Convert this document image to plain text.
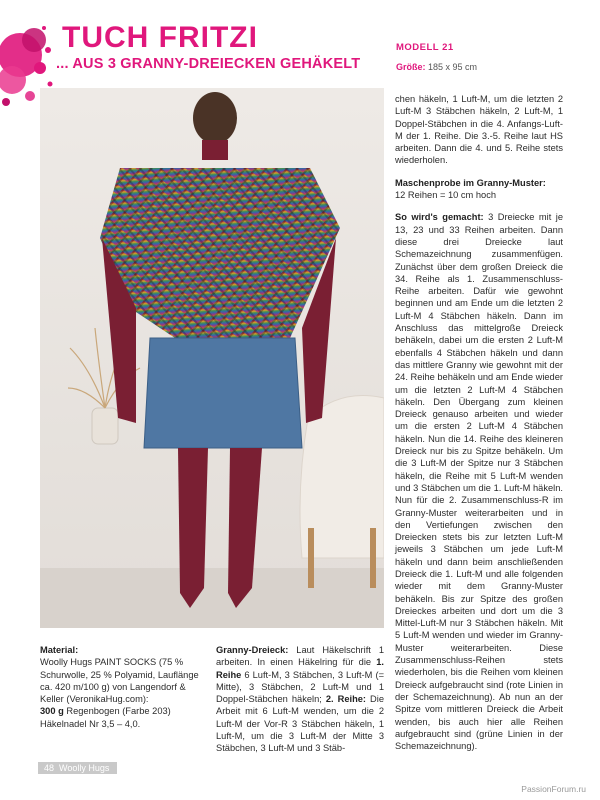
TUCH FRITZI
... AUS 3 GRANNY-DREIECKEN GEHÄKELT
MODELL 21
Größe: 185 x 95 cm

Material:

Woolly Hugs PAINT SOCKS (75 % Schurwolle, 25 % Polyamid, Lauflänge ca. 420 m/100 g) von Langendorf & Keller (VeronikaHug.com):

300 g Regenbogen (Farbe 203)

Häkelnadel Nr 3,5 – 4,0.

Granny-Dreieck: Laut Häkelschrift 1 arbeiten. In einen Häkelring für die 1. Reihe 6 Luft-M, 3 Stäbchen, 3 Luft-M (= Mitte), 3 Stäbchen, 2 Luft-M und 1 Doppel-Stäbchen häkeln; 2. Reihe: Die Arbeit mit 6 Luft-M wenden, um die 2 Luft-M der Vor-R 3 Stäbchen häkeln, 1 Luft-M, um die 3 Luft-M der Mitte 3 Stäbchen, 3 Luft-M und 3 Stäb-

chen häkeln, 1 Luft-M, um die letzten 2 Luft-M 3 Stäbchen häkeln, 2 Luft-M, 1 Doppel-Stäbchen in die 4. Anfangs-Luft-M der 1. Reihe. Die 3.-5. Reihe laut HS arbeiten. Dann die 4. und 5. Reihe stets wiederholen.

Maschenprobe im Granny-Muster:

12 Reihen = 10 cm hoch

So wird's gemacht: 3 Dreiecke mit je 13, 23 und 33 Reihen arbeiten. Dann diese drei Dreiecke laut Schemazeichnung zusammenfügen. Zunächst über dem großen Dreieck die 34. Reihe als 1. Zusammenschluss-Reihe arbeiten. Dafür wie gewohnt beginnen und am Ende um die letzten 2 Luft-M 4 Stäbchen häkeln. Dann im Anschluss das mittelgroße Dreieck behäkeln, dabei um die ersten 2 Luft-M ebenfalls 4 Stäbchen häkeln und dann das mittlere Granny wie gewohnt mit der 24. Reihe behäkeln und am Ende wieder um die letzten 2 Luft-M 4 Stäbchen häkeln. Den Übergang zum kleinen Dreieck genauso arbeiten und wieder um die ersten 2 Luft-M 4 Stäbchen häkeln. Nun die 14. Reihe des kleineren Dreieck nur bis zu Spitze behäkeln. Um die 3 Luft-M der Spitze nur 3 Stäbchen häkeln, die Reihe mit 5 Luft-M wenden und 3 Stäbchen um die 1. Luft-M häkeln. Nun für die 2. Zusammenschluss-R im Granny-Muster weiterarbeiten und in den Vertiefungen zwischen den Dreiecken stets bis zur letzten Luft-M jeweils 3 Stäbchen um jede Luft-M häkeln und dann beim anschließenden Dreieck die 1. Luft-M und alle folgenden wieder mit dem Granny-Muster behäkeln. Bis zur Spitze des großen Dreieckes arbeiten und dort um die 3 Mittel-Luft-M nur 3 Stäbchen häkeln. Mit 5 Luft-M wenden und wieder im Granny-Muster weiterarbeiten. Diese Zusammenschluss-Reihen stets wiederholen, bis die Reihen vom kleinen Dreieck aufgebraucht sind (rote Linien in der Schemazeichnung). Ab nun an der Spitze vom mittleren Dreieck die Arbeit wenden, bis auch hier alle Reihen aufgebraucht sind (grüne Linien in der Schemazeichnung).

48 Woolly Hugs
PassionForum.ru
